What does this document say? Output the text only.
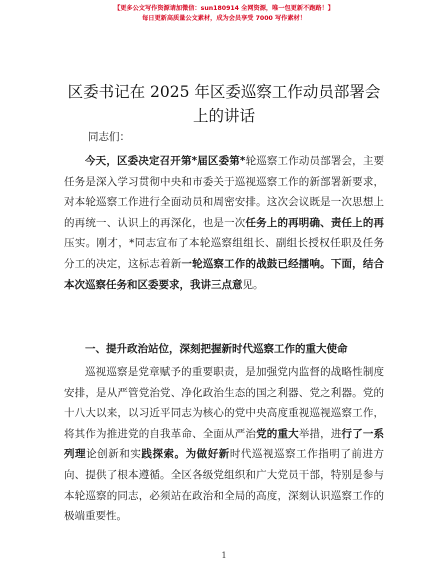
【更多公文写作资源请加微信：sun180914 全网资源，唯一包更新不跑路！】
每日更新高质量公文素材，成为会员享受 7000 写作素材！
区委书记在 2025 年区委巡察工作动员部署会上的讲话
同志们：

今天，区委决定召开第*届区委第*轮巡察工作动员部署会，主要任务是深入学习贯彻中央和市委关于巡视巡察工作的新部署新要求，对本轮巡察工作进行全面动员和周密安排。这次会议既是一次思想上的再统一、认识上的再深化，也是一次任务上的再明确、责任上的再压实。刚才，*同志宣布了本轮巡察组组长、副组长授权任职及任务分工的决定，这标志着新一轮巡察工作的战鼓已经擂响。下面，结合本次巡察任务和区委要求，我讲三点意见。

一、提升政治站位，深刻把握新时代巡察工作的重大使命

巡视巡察是党章赋予的重要职责，是加强党内监督的战略性制度安排，是从严管党治党、净化政治生态的国之利器、党之利器。党的十八大以来，以习近平同志为核心的党中央高度重视巡视巡察工作，将其作为推进党的自我革命、全面从严治党的重大举措，进行了一系列理论创新和实践探索。为做好新时代巡视巡察工作指明了前进方向、提供了根本遵循。全区各级党组织和广大党员干部，特别是参与本轮巡察的同志，必须站在政治和全局的高度，深刻认识巡察工作的极端重要性。

1
